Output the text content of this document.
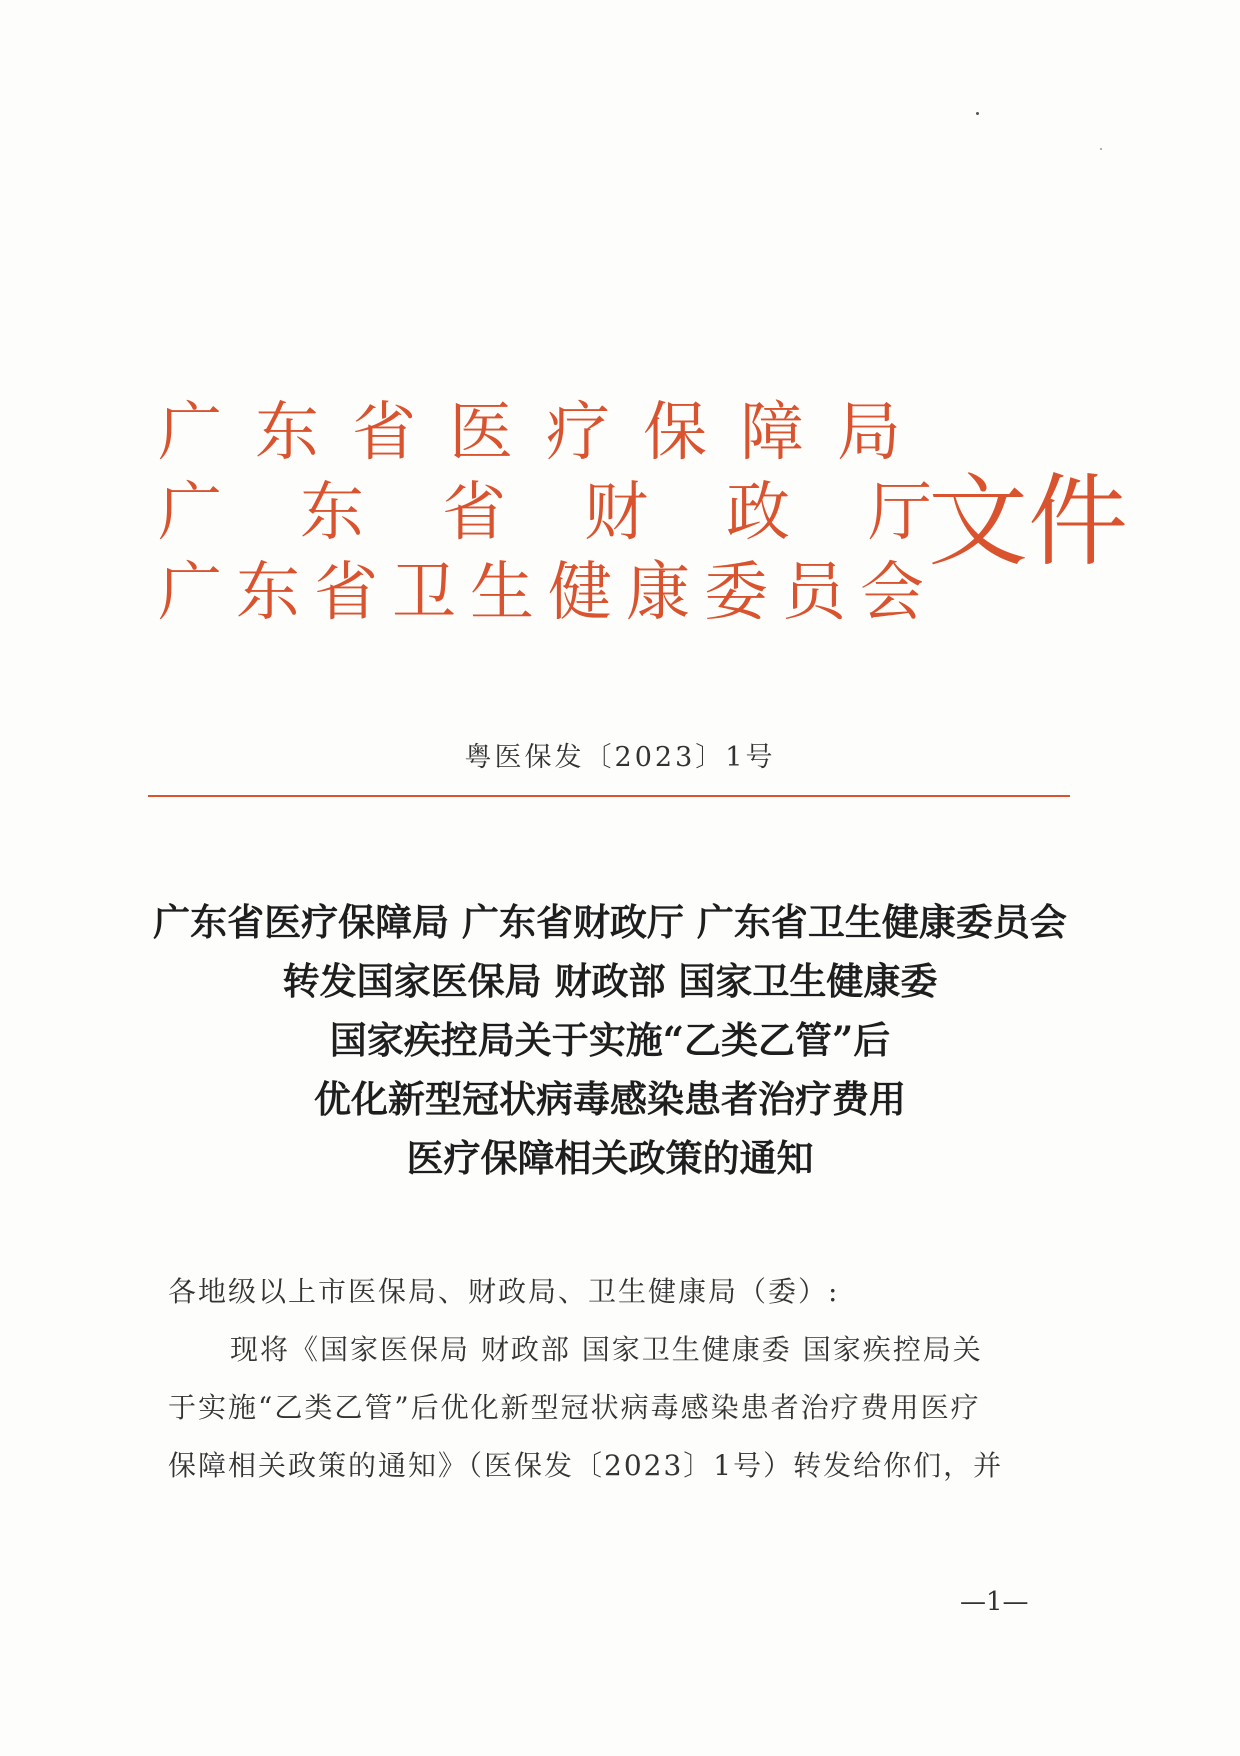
广东省医疗保障局
广东省财政厅
广东省卫生健康委员会
文件
粤医保发〔2023〕1号
广东省医疗保障局 广东省财政厅 广东省卫生健康委员会
转发国家医保局 财政部 国家卫生健康委
国家疾控局关于实施“乙类乙管”后
优化新型冠状病毒感染患者治疗费用
医疗保障相关政策的通知
各地级以上市医保局、财政局、卫生健康局（委）:
现将《国家医保局 财政部 国家卫生健康委 国家疾控局关
于实施“乙类乙管”后优化新型冠状病毒感染患者治疗费用医疗
保障相关政策的通知》（医保发〔2023〕1号）转发给你们，并
—1—
